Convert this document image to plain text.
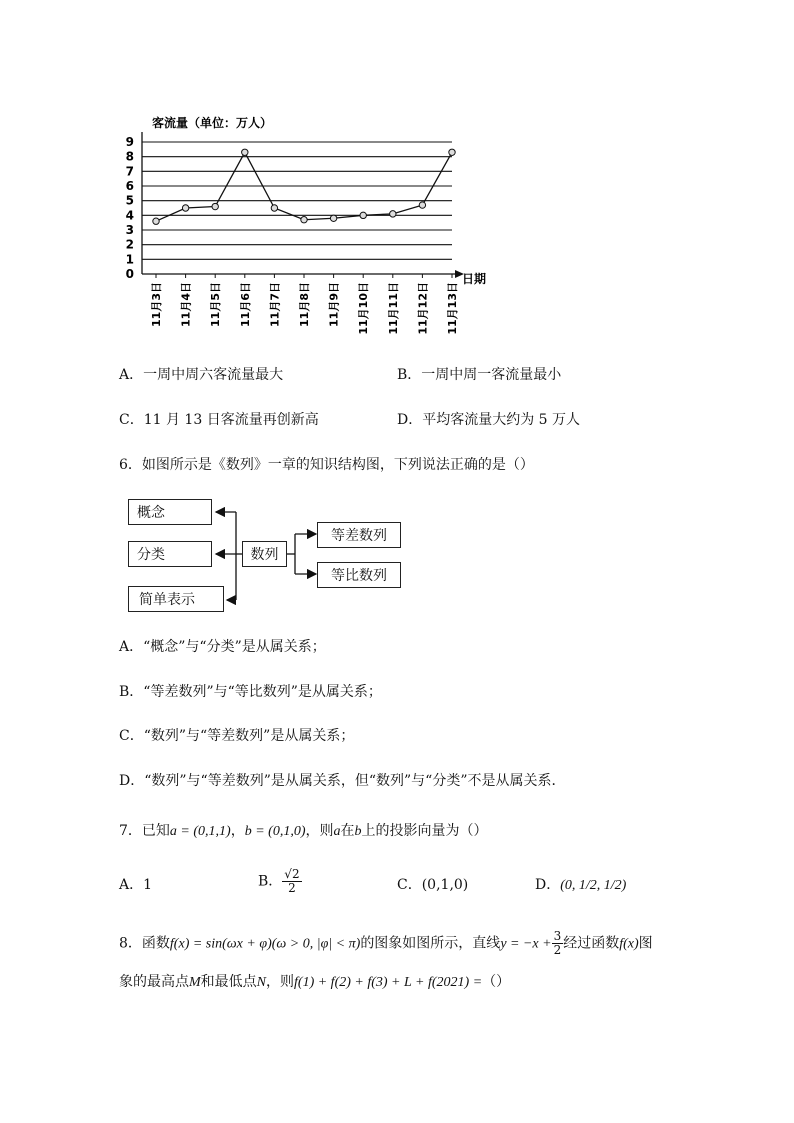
0
1
2
3
4
5
6
7
8
9
11月3日 11月4日 11月5日 11月6日 11月7日 11月8日 11月9日 11月10日 11月11日 11月12日 11月13日
客流量（单位：万人）
日期
A．一周中周六客流量最大	B．一周中周一客流量最小
C．11 月 13 日客流量再创新高	D．平均客流量大约为 5 万人
6．如图所示是《数列》一章的知识结构图，下列说法正确的是（）
概念
分类
简单表示
数列
等差数列
等比数列
A．“概念”与“分类”是从属关系；
B．“等差数列”与“等比数列”是从属关系；
C．“数列”与“等差数列”是从属关系；
D．“数列”与“等差数列”是从属关系，但“数列”与“分类”不是从属关系．
7．已知a = (0,1,1)，b = (0,1,0)，则a在b上的投影向量为（）
A．1	B． $\frac{√2}{2}$	C．(0,1,0)	D．(0, 1/2, 1/2)
8．函数f(x) = sin(ωx + φ)(ω > 0, |φ| < π)的图象如图所示，直线$y = -x + \frac{3}{2}$ 经过函数f(x)图
象的最高点M和最低点N，则f(1) + f(2) + f(3) + L + f(2021) =（）
